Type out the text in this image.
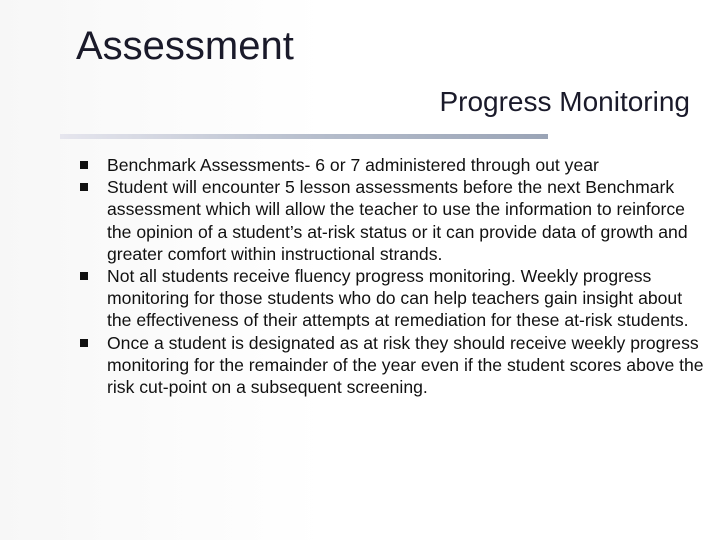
Assessment
Progress Monitoring
Benchmark Assessments- 6 or 7 administered through out year
Student will encounter 5 lesson assessments before the next Benchmark assessment which will allow the teacher to use the information to reinforce the opinion of a student’s at-risk status or it can provide data of growth and greater comfort within instructional strands.
Not all students receive fluency progress monitoring. Weekly progress monitoring for those students who do can help teachers gain insight about the effectiveness of their attempts at remediation for these at-risk students.
Once a student is designated as at risk they should receive weekly progress monitoring for the remainder of the year even if the student scores above the risk cut-point on a subsequent screening.
